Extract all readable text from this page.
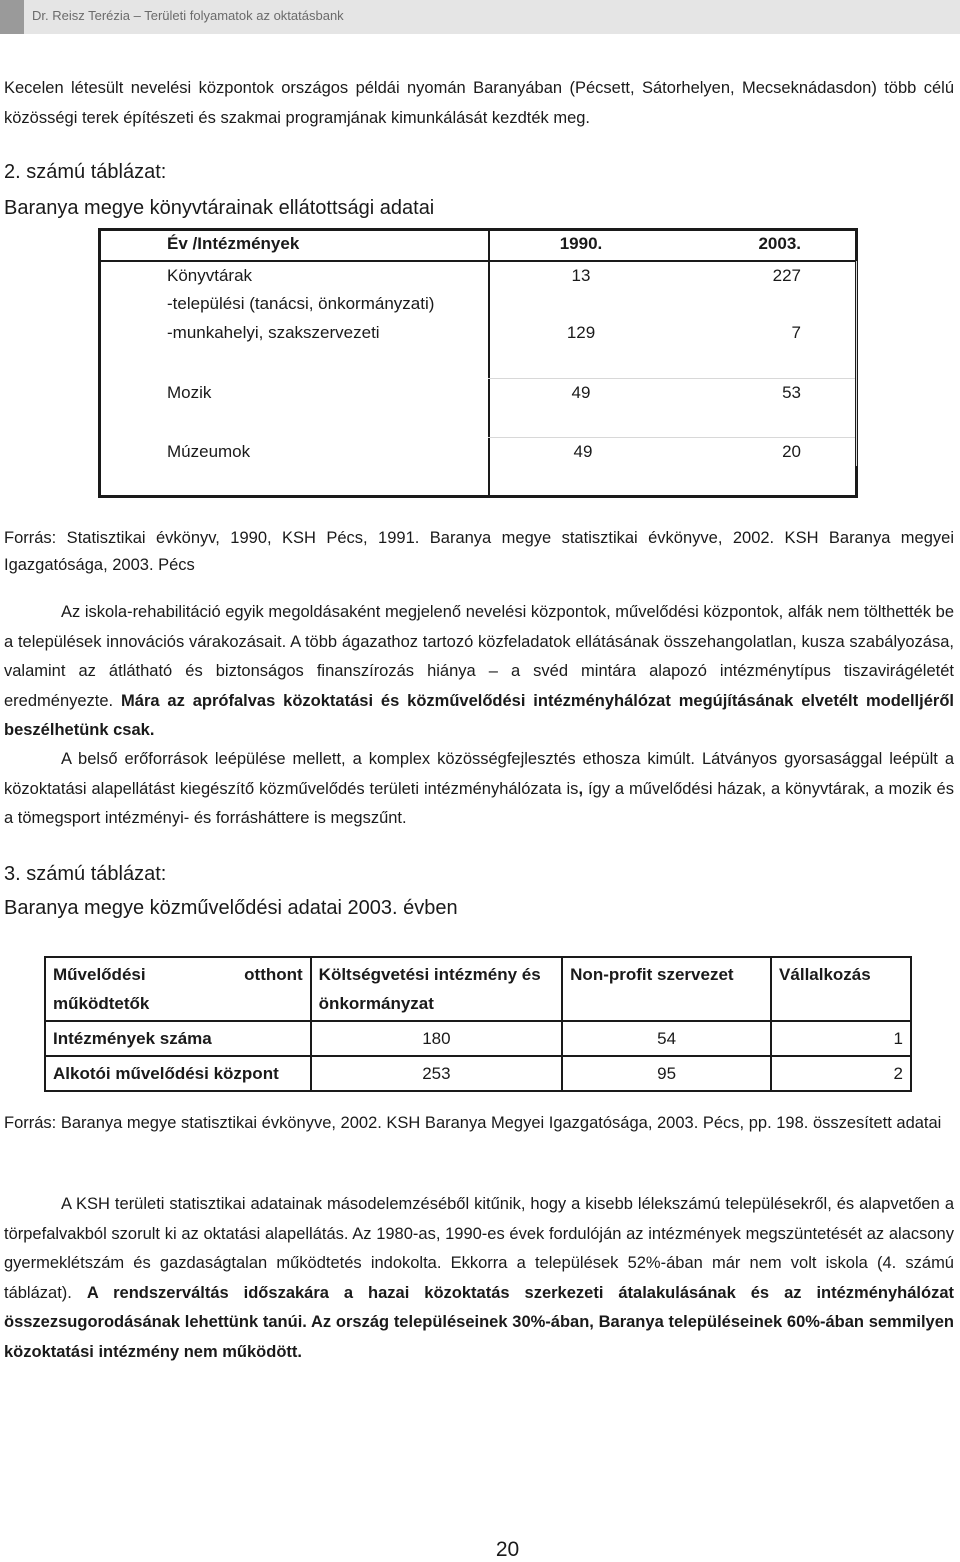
Dr. Reisz Terézia – Területi folyamatok az oktatásbank
Kecelen létesült nevelési központok országos példái nyomán Baranyában (Pécsett, Sátorhelyen, Mecseknádasdon) több célú közösségi terek építészeti és szakmai programjának kimunkálását kezdték meg.
2. számú táblázat:
Baranya megye könyvtárainak ellátottsági adatai
Év /Intézmények	1990.	2003.
Könyvtárak	13	227
-települési (tanácsi, önkormányzati)
-munkahelyi, szakszervezeti	129	7
Mozik	49	53
Múzeumok	49	20
Forrás: Statisztikai évkönyv, 1990, KSH Pécs, 1991. Baranya megye statisztikai évkönyve, 2002. KSH Baranya megyei Igazgatósága, 2003. Pécs
Az iskola-rehabilitáció egyik megoldásaként megjelenő nevelési központok, művelődési központok, alfák nem tölthették be a települések innovációs várakozásait. A több ágazathoz tartozó közfeladatok ellátásának összehangolatlan, kusza szabályozása, valamint az átlátható és biztonságos finanszírozás hiánya – a svéd mintára alapozó intézménytípus tiszavirágéletét eredményezte. Mára az aprófalvas közoktatási és közművelődési intézményhálózat megújításának elvetélt modelljéről beszélhetünk csak.
A belső erőforrások leépülése mellett, a komplex közösségfejlesztés ethosza kimúlt. Látványos gyorsasággal leépült a közoktatási alapellátást kiegészítő közművelődés területi intézményhálózata is, így a művelődési házak, a könyvtárak, a mozik és a tömegsport intézményi- és forrásháttere is megszűnt.
3. számú táblázat:
Baranya megye közművelődési adatai 2003. évben
Művelődési otthont működtetők	Költségvetési intézmény és önkormányzat	Non-profit szervezet	Vállalkozás
Intézmények száma	180	54	1
Alkotói művelődési központ	253	95	2
Forrás: Baranya megye statisztikai évkönyve, 2002. KSH Baranya Megyei Igazgatósága, 2003. Pécs, pp. 198. összesített adatai
A KSH területi statisztikai adatainak másodelemzéséből kitűnik, hogy a kisebb lélekszámú településekről, és alapvetően a törpefalvakból szorult ki az oktatási alapellátás. Az 1980-as, 1990-es évek fordulóján az intézmények megszüntetését az alacsony gyermeklétszám és gazdaságtalan működtetés indokolta. Ekkorra a települések 52%-ában már nem volt iskola (4. számú táblázat). A rendszerváltás időszakára a hazai közoktatás szerkezeti átalakulásának és az intézményhálózat összezsugorodásának lehettünk tanúi. Az ország településeinek 30%-ában, Baranya településeinek 60%-ában semmilyen közoktatási intézmény nem működött.
20
